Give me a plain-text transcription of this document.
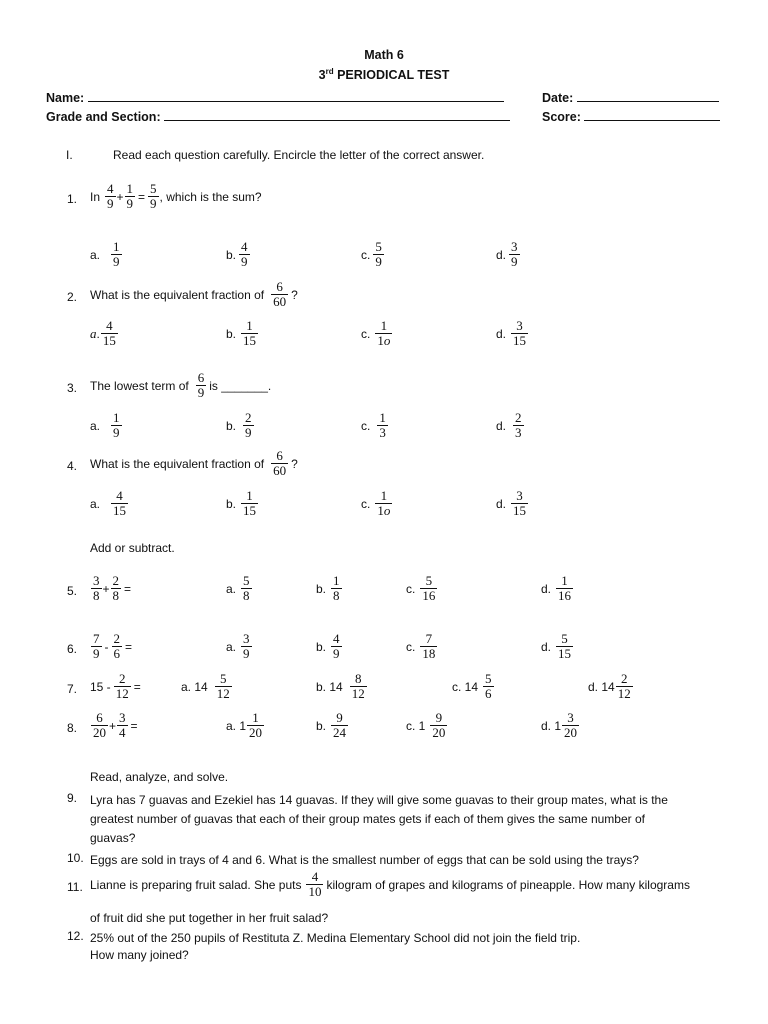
Math 6
3rd PERIODICAL TEST
Name:	Date:
Grade and Section:	Score:
I.	Read each question carefully. Encircle the letter of the correct answer.
1. In $\frac{4}{9} + \frac{1}{9} = \frac{5}{9}$ , which is the sum?
a. $\frac{1}{9}$	b. $\frac{4}{9}$	c. $\frac{5}{9}$	d. $\frac{3}{9}$
2. What is the equivalent fraction of $\frac{6}{60}$ ?
a . $\frac{4}{15}$	b. $\frac{1}{15}$	c. $\frac{1}{1o}$	d. $\frac{3}{15}$
3. The lowest term of $\frac{6}{9}$ is _______.
a. $\frac{1}{9}$	b. $\frac{2}{9}$	c. $\frac{1}{3}$	d. $\frac{2}{3}$
4. What is the equivalent fraction of $\frac{6}{60}$ ?
a. $\frac{4}{15}$	b. $\frac{1}{15}$	c. $\frac{1}{1o}$	d. $\frac{3}{15}$
Add or subtract.
5. $\frac{3}{8} + \frac{2}{8}$ =	a. $\frac{5}{8}$	b. $\frac{1}{8}$	c. $\frac{5}{16}$	d. $\frac{1}{16}$
6. $\frac{7}{9} - \frac{2}{6}$ =	a. $\frac{3}{9}$	b. $\frac{4}{9}$	c. $\frac{7}{18}$	d. $\frac{5}{15}$
7. $15 - \frac{2}{12}$ =	a. $14 \frac{5}{12}$	b. $14 \frac{8}{12}$	c. $14 \frac{5}{6}$	d. $14 \frac{2}{12}$
8. $\frac{6}{20} + \frac{3}{4}$ =	a. $1 \frac{1}{20}$	b. $\frac{9}{24}$	c. $1 \frac{9}{20}$	d. $1 \frac{3}{20}$
Read, analyze, and solve.
9. Lyra has 7 guavas and Ezekiel has 14 guavas. If they will give some guavas to their group mates, what is the
greatest number of guavas that each of their group mates gets if each of them gives the same number of
guavas?
10. Eggs are sold in trays of 4 and 6. What is the smallest number of eggs that can be sold using the trays?
11. Lianne is preparing fruit salad. She puts $\frac{4}{10}$ kilogram of grapes and kilograms of pineapple. How many kilograms
of fruit did she put together in her fruit salad?
12. 25% out of the 250 pupils of Restituta Z. Medina Elementary School did not join the field trip.
How many joined?
